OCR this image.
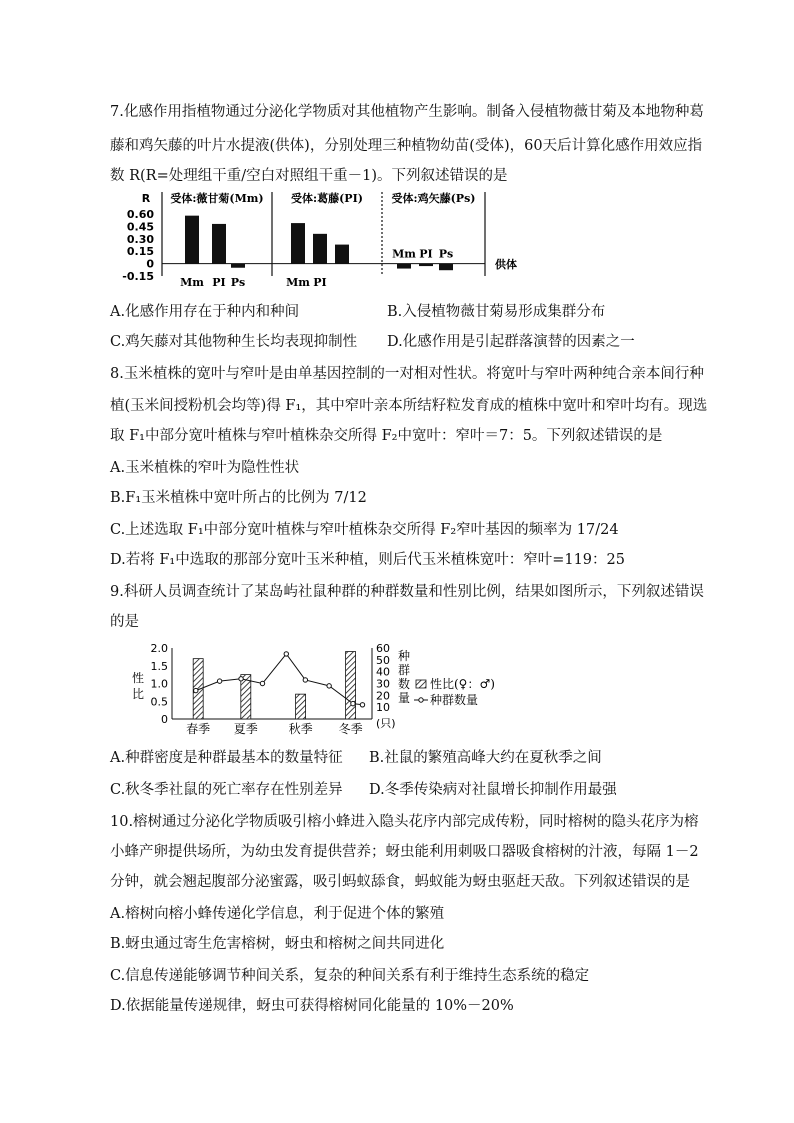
7.化感作用指植物通过分泌化学物质对其他植物产生影响。制备入侵植物薇甘菊及本地物种葛
藤和鸡矢藤的叶片水提液(供体)，分别处理三种植物幼苗(受体)，60天后计算化感作用效应指
数 R(R=处理组干重/空白对照组干重－1)。下列叙述错误的是
R
0.60
0.45
0.30
0.15
0
-0.15
受体:薇甘菊(Mm)
Mm PI Ps
受体:葛藤(PI)
Mm PI
受体:鸡矢藤(Ps)
Mm PI Ps
供体
A.化感作用存在于种内和种间	B.入侵植物薇甘菊易形成集群分布
C.鸡矢藤对其他物种生长均表现抑制性 D.化感作用是引起群落演替的因素之一
8.玉米植株的宽叶与窄叶是由单基因控制的一对相对性状。将宽叶与窄叶两种纯合亲本间行种
植(玉米间授粉机会均等)得 F₁，其中窄叶亲本所结籽粒发育成的植株中宽叶和窄叶均有。现选
取 F₁中部分宽叶植株与窄叶植株杂交所得 F₂中宽叶：窄叶＝7：5。下列叙述错误的是
A.玉米植株的窄叶为隐性性状
B.F₁玉米植株中宽叶所占的比例为 7/12
C.上述选取 F₁中部分宽叶植株与窄叶植株杂交所得 F₂窄叶基因的频率为 17/24
D.若将 F₁中选取的那部分宽叶玉米种植，则后代玉米植株宽叶：窄叶=119：25
9.科研人员调查统计了某岛屿社鼠种群的种群数量和性别比例，结果如图所示，下列叙述错误
的是
性
比
2.0
1.5
1.0
0.5
0
春季 夏季	秋季 冬季
60
50
40
30
20
10
(只)
种
群
数
量
性比(♀：♂)
种群数量
A.种群密度是种群最基本的数量特征 B.社鼠的繁殖高峰大约在夏秋季之间
C.秋冬季社鼠的死亡率存在性别差异 D.冬季传染病对社鼠增长抑制作用最强
10.榕树通过分泌化学物质吸引榕小蜂进入隐头花序内部完成传粉，同时榕树的隐头花序为榕
小蜂产卵提供场所，为幼虫发育提供营养；蚜虫能利用刺吸口器吸食榕树的汁液，每隔 1－2
分钟，就会翘起腹部分泌蜜露，吸引蚂蚁舔食，蚂蚁能为蚜虫驱赶天敌。下列叙述错误的是
A.榕树向榕小蜂传递化学信息，利于促进个体的繁殖
B.蚜虫通过寄生危害榕树，蚜虫和榕树之间共同进化
C.信息传递能够调节种间关系，复杂的种间关系有利于维持生态系统的稳定
D.依据能量传递规律，蚜虫可获得榕树同化能量的 10%－20%
